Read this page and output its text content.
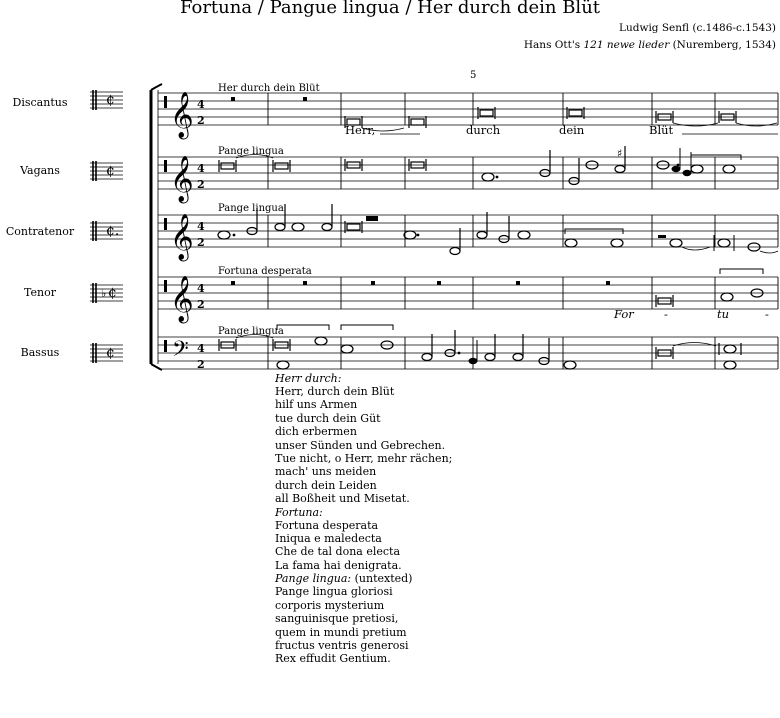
Fortuna / Pangue lingua / Her durch dein Blüt
Ludwig Senfl (c.1486-c.1543)
Hans Ott's 121 newe lieder (Nuremberg, 1534)
Discantus
Vagans
Contratenor
Tenor
Bassus
Her durch dein Blüt
Pange lingua
Pange lingua
Fortuna desperata
Pange lingua
5
Herr,	durch	dein	Blüt
For	-	tu	-
¢
¢
¢.
♭ ¢
¢
𝄞
𝄞
𝄞
𝄞
𝄢
4
2
4
2
4
2
4
2
4
2
♯
Herr durch:
Herr, durch dein Blüt
hilf uns Armen
tue durch dein Güt
dich erbermen
unser Sünden und Gebrechen.
Tue nicht, o Herr, mehr rächen;
mach' uns meiden
durch dein Leiden
all Boßheit und Misetat.
Fortuna:
Fortuna desperata
Iniqua e maledecta
Che de tal dona electa
La fama hai denigrata.
Pange lingua: (untexted)
Pange lingua gloriosi
corporis mysterium
sanguinisque pretiosi,
quem in mundi pretium
fructus ventris generosi
Rex effudit Gentium.
